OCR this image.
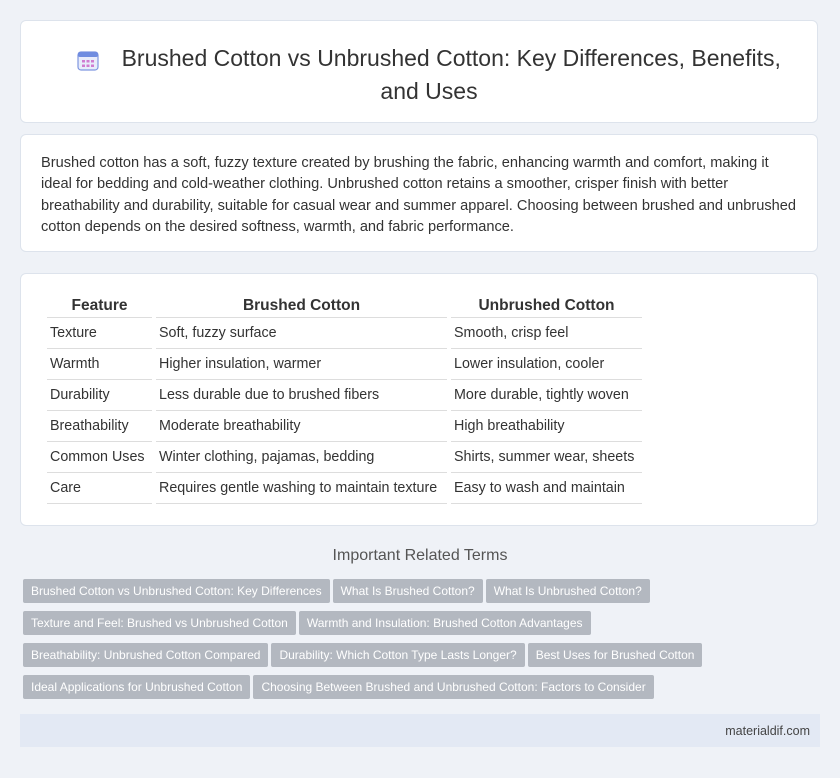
Brushed Cotton vs Unbrushed Cotton: Key Differences, Benefits, and Uses

Brushed cotton has a soft, fuzzy texture created by brushing the fabric, enhancing warmth and comfort, making it ideal for bedding and cold-weather clothing. Unbrushed cotton retains a smoother, crisper finish with better breathability and durability, suitable for casual wear and summer apparel. Choosing between brushed and unbrushed cotton depends on the desired softness, warmth, and fabric performance.

Feature	Brushed Cotton	Unbrushed Cotton
Texture	Soft, fuzzy surface	Smooth, crisp feel
Warmth	Higher insulation, warmer	Lower insulation, cooler
Durability	Less durable due to brushed fibers	More durable, tightly woven
Breathability	Moderate breathability	High breathability
Common Uses	Winter clothing, pajamas, bedding	Shirts, summer wear, sheets
Care	Requires gentle washing to maintain texture	Easy to wash and maintain
Important Related Terms
Brushed Cotton vs Unbrushed Cotton: Key Differences What Is Brushed Cotton? What Is Unbrushed Cotton?
Texture and Feel: Brushed vs Unbrushed Cotton Warmth and Insulation: Brushed Cotton Advantages
Breathability: Unbrushed Cotton Compared Durability: Which Cotton Type Lasts Longer? Best Uses for Brushed Cotton
Ideal Applications for Unbrushed Cotton Choosing Between Brushed and Unbrushed Cotton: Factors to Consider
materialdif.com
